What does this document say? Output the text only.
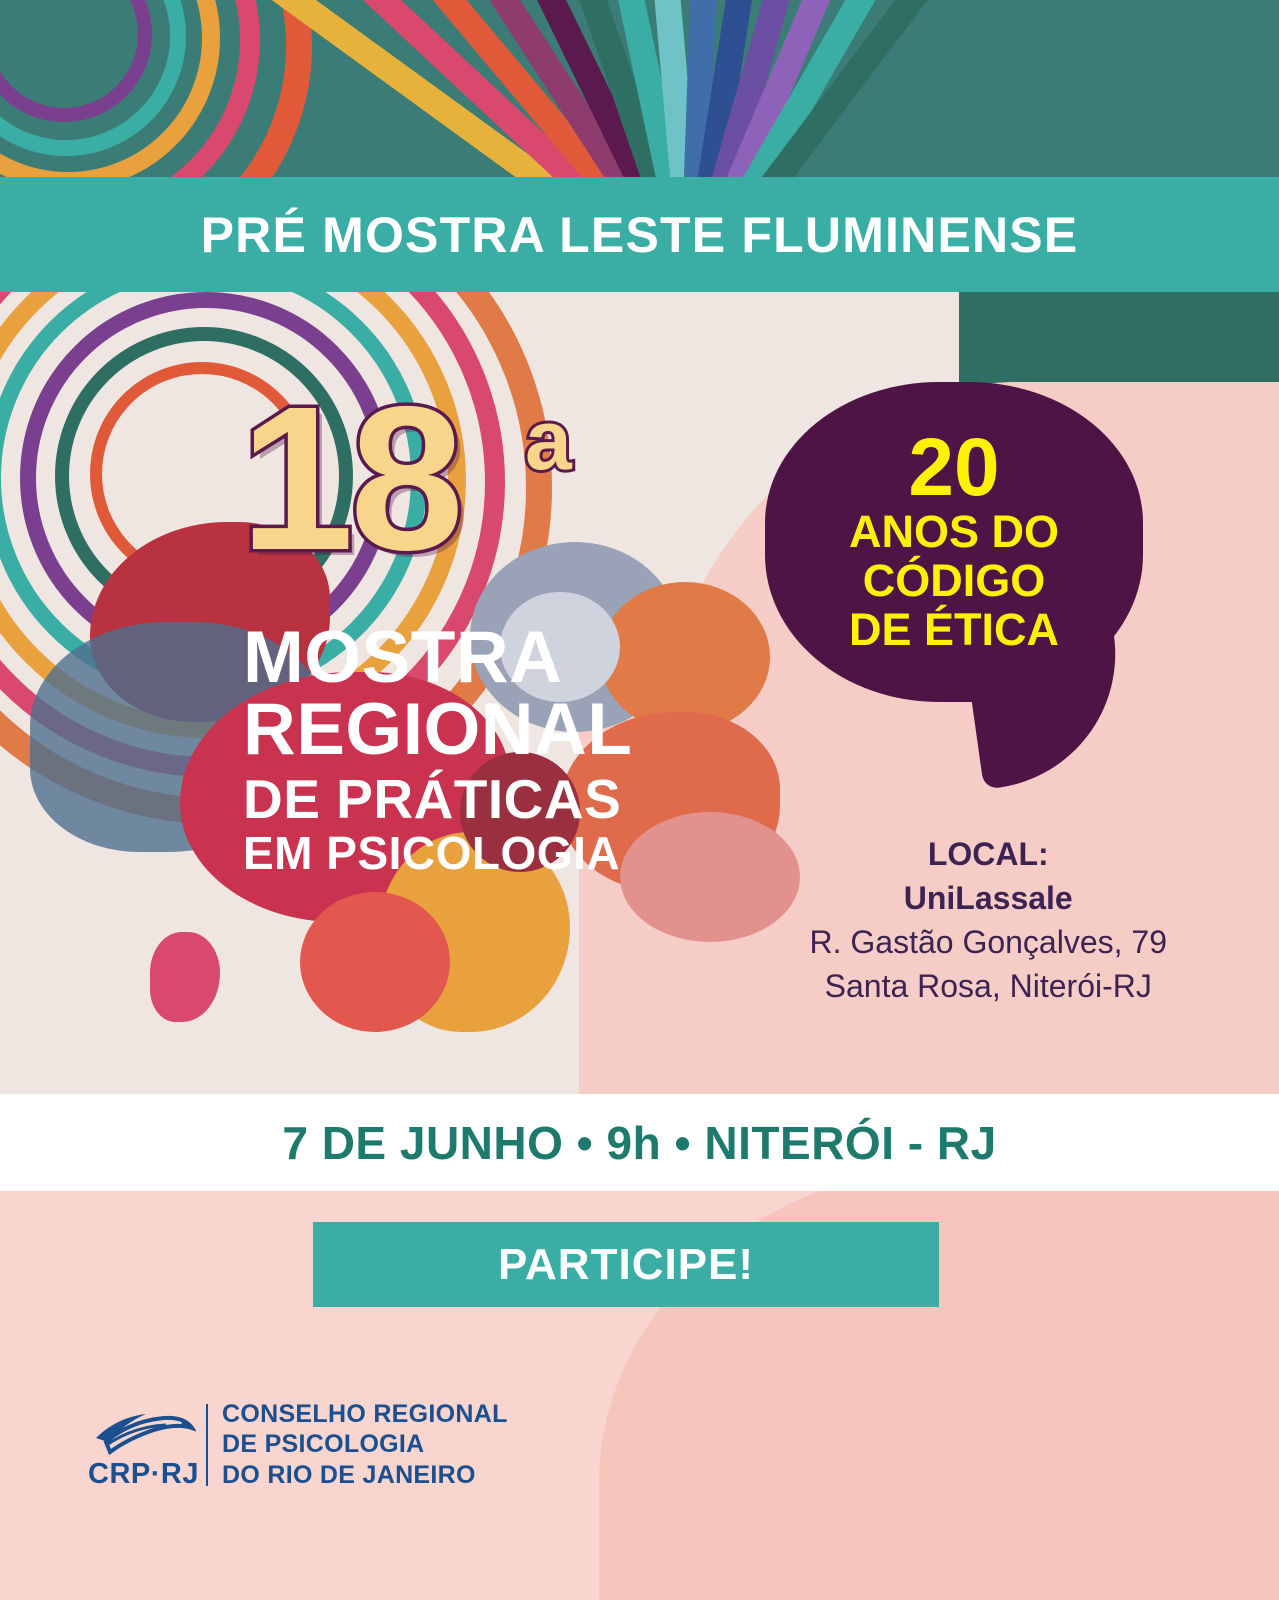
PRÉ MOSTRA LESTE FLUMINENSE
18 a
MOSTRA
REGIONAL
DE PRÁTICAS
EM PSICOLOGIA
20
ANOS DO
CÓDIGO
DE ÉTICA
LOCAL:
UniLassale
R. Gastão Gonçalves, 79
Santa Rosa, Niterói-RJ
7 DE JUNHO • 9h • NITERÓI - RJ
PARTICIPE!
CRP·RJ
CONSELHO REGIONAL
DE PSICOLOGIA
DO RIO DE JANEIRO
